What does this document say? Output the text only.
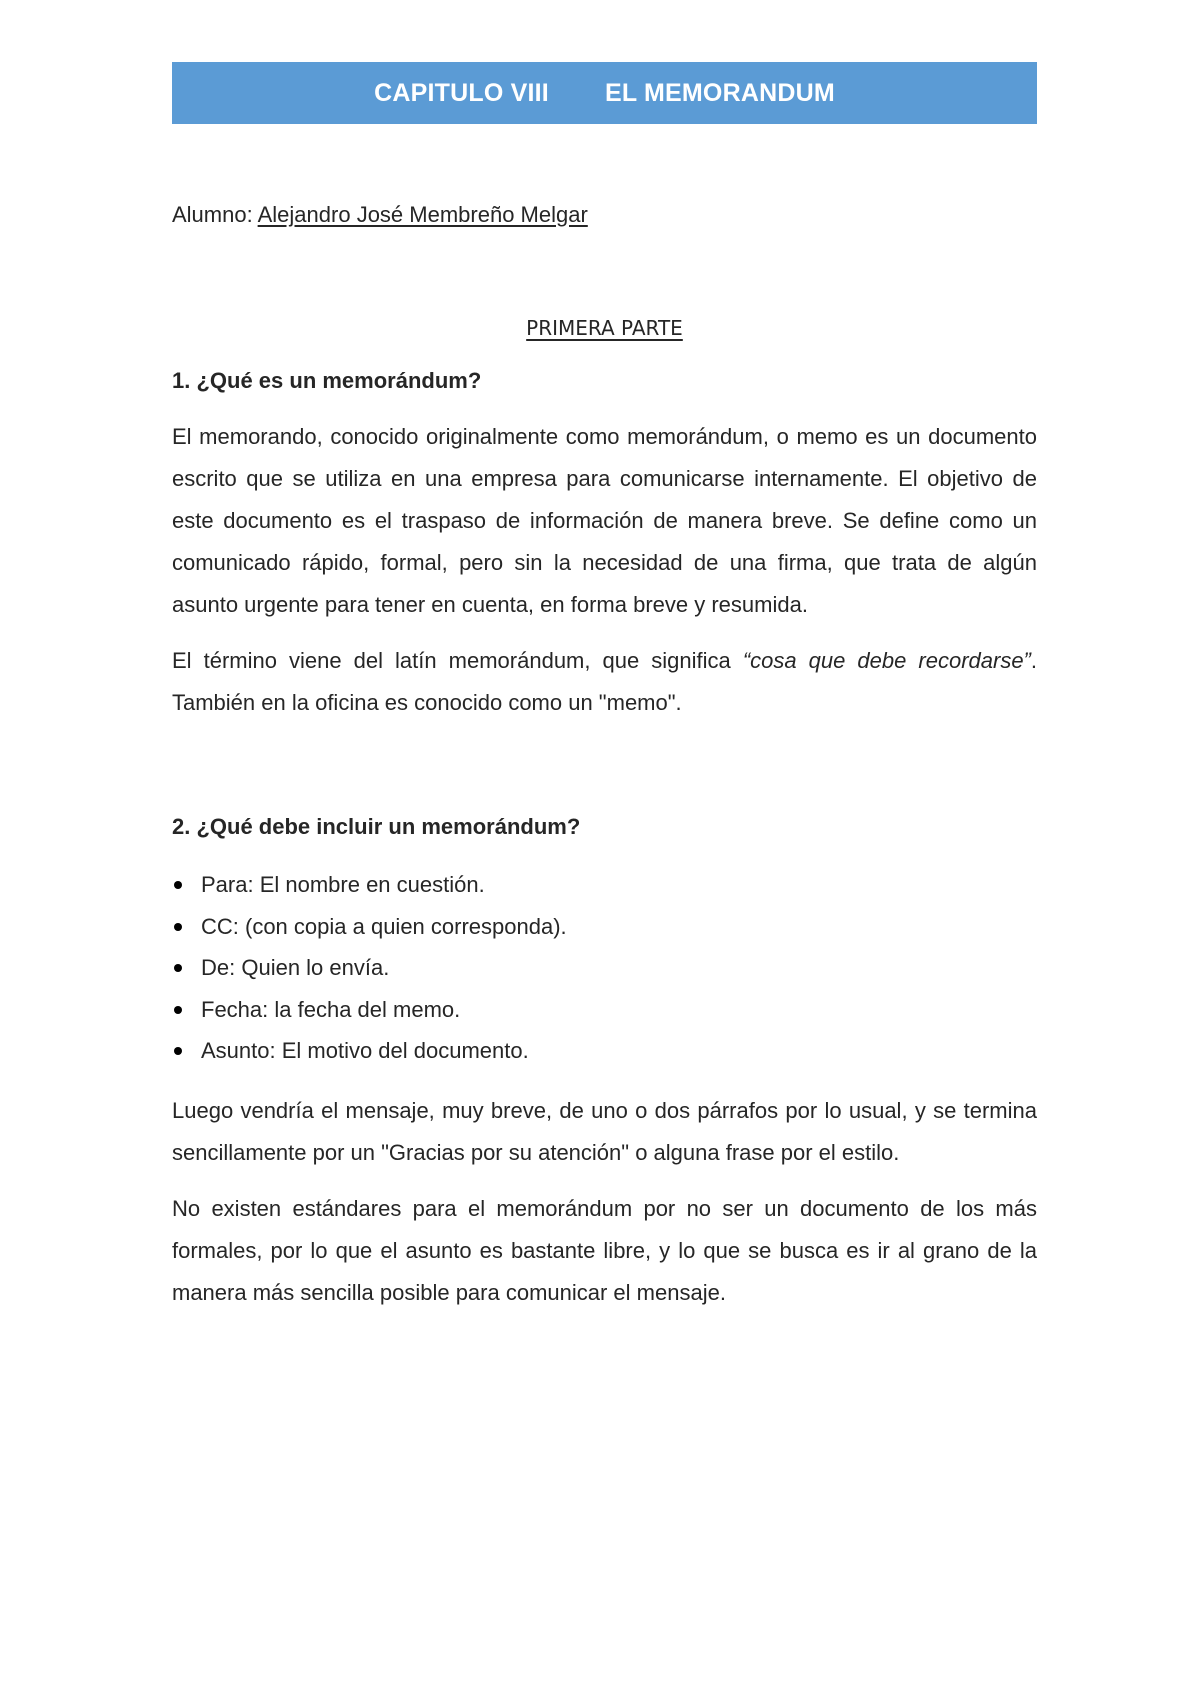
CAPITULO VIII EL MEMORANDUM
Alumno: Alejandro José Membreño Melgar
PRIMERA PARTE
1. ¿Qué es un memorándum?

El memorando, conocido originalmente como memorándum, o memo es un documento escrito que se utiliza en una empresa para comunicarse internamente. El objetivo de este documento es el traspaso de información de manera breve. Se define como un comunicado rápido, formal, pero sin la necesidad de una firma, que trata de algún asunto urgente para tener en cuenta, en forma breve y resumida.

El término viene del latín memorándum, que significa “cosa que debe recordarse”. También en la oficina es conocido como un "memo".

2. ¿Qué debe incluir un memorándum?
Para: El nombre en cuestión.
CC: (con copia a quien corresponda).
De: Quien lo envía.
Fecha: la fecha del memo.
Asunto: El motivo del documento.

Luego vendría el mensaje, muy breve, de uno o dos párrafos por lo usual, y se termina sencillamente por un "Gracias por su atención" o alguna frase por el estilo.

No existen estándares para el memorándum por no ser un documento de los más formales, por lo que el asunto es bastante libre, y lo que se busca es ir al grano de la manera más sencilla posible para comunicar el mensaje.
